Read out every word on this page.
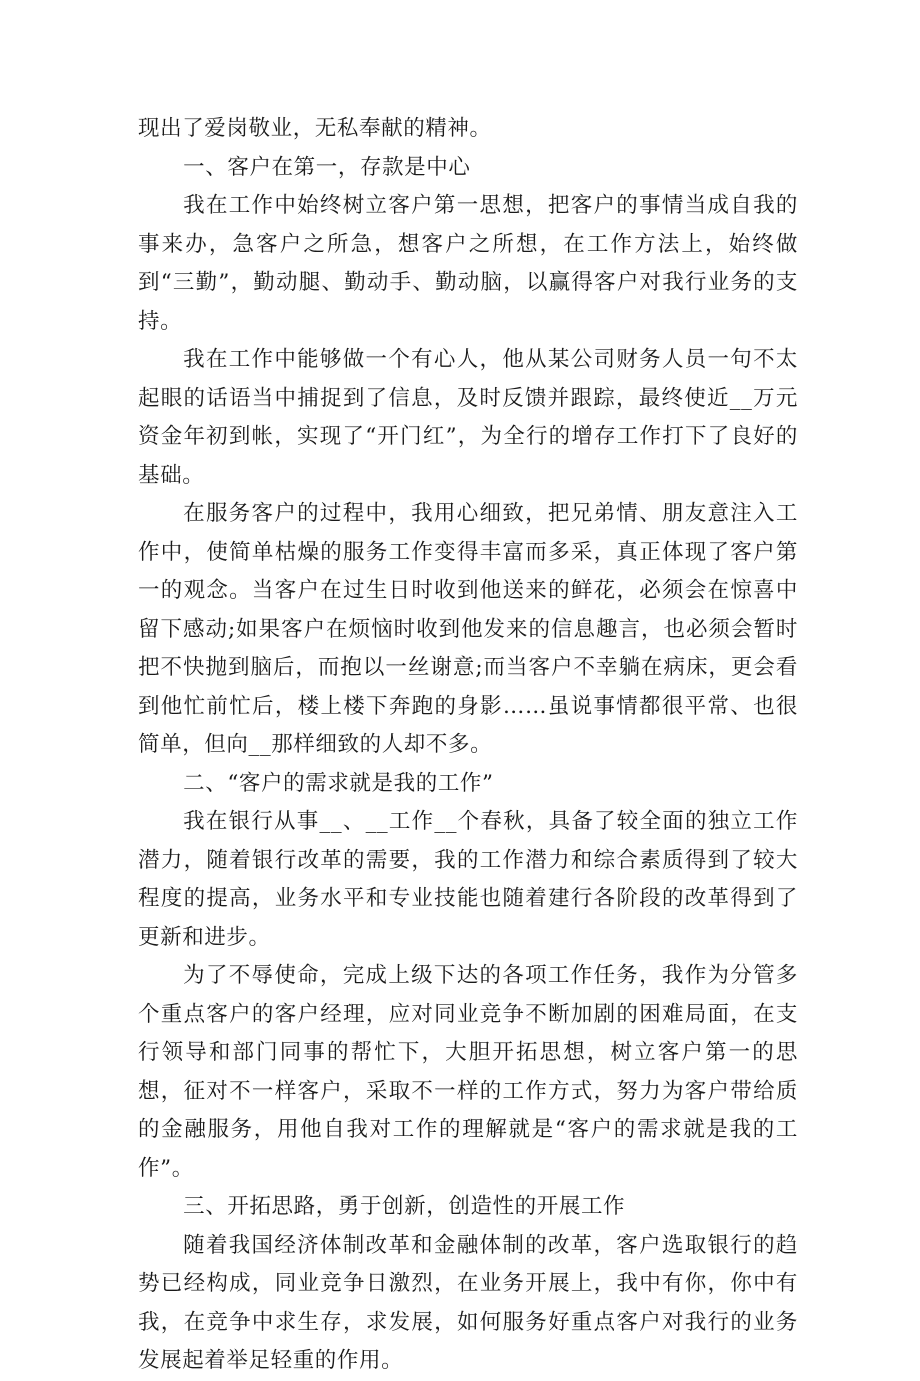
现出了爱岗敬业，无私奉献的精神。

一、客户在第一，存款是中心

我在工作中始终树立客户第一思想，把客户的事情当成自我的事来办，急客户之所急，想客户之所想，在工作方法上，始终做到“三勤”，勤动腿、勤动手、勤动脑，以赢得客户对我行业务的支持。

我在工作中能够做一个有心人，他从某公司财务人员一句不太起眼的话语当中捕捉到了信息，及时反馈并跟踪，最终使近__万元资金年初到帐，实现了“开门红”，为全行的增存工作打下了良好的基础。

在服务客户的过程中，我用心细致，把兄弟情、朋友意注入工作中，使简单枯燥的服务工作变得丰富而多采，真正体现了客户第一的观念。当客户在过生日时收到他送来的鲜花，必须会在惊喜中留下感动;如果客户在烦恼时收到他发来的信息趣言，也必须会暂时把不快抛到脑后，而抱以一丝谢意;而当客户不幸躺在病床，更会看到他忙前忙后，楼上楼下奔跑的身影……虽说事情都很平常、也很简单，但向__那样细致的人却不多。

二、“客户的需求就是我的工作”

我在银行从事__、__工作__个春秋，具备了较全面的独立工作潜力，随着银行改革的需要，我的工作潜力和综合素质得到了较大程度的提高，业务水平和专业技能也随着建行各阶段的改革得到了更新和进步。

为了不辱使命，完成上级下达的各项工作任务，我作为分管多个重点客户的客户经理，应对同业竞争不断加剧的困难局面，在支行领导和部门同事的帮忙下，大胆开拓思想，树立客户第一的思想，征对不一样客户，采取不一样的工作方式，努力为客户带给质的金融服务，用他自我对工作的理解就是“客户的需求就是我的工作”。

三、开拓思路，勇于创新，创造性的开展工作

随着我国经济体制改革和金融体制的改革，客户选取银行的趋势已经构成，同业竞争日激烈，在业务开展上，我中有你，你中有我，在竞争中求生存，求发展，如何服务好重点客户对我行的业务发展起着举足轻重的作用。
